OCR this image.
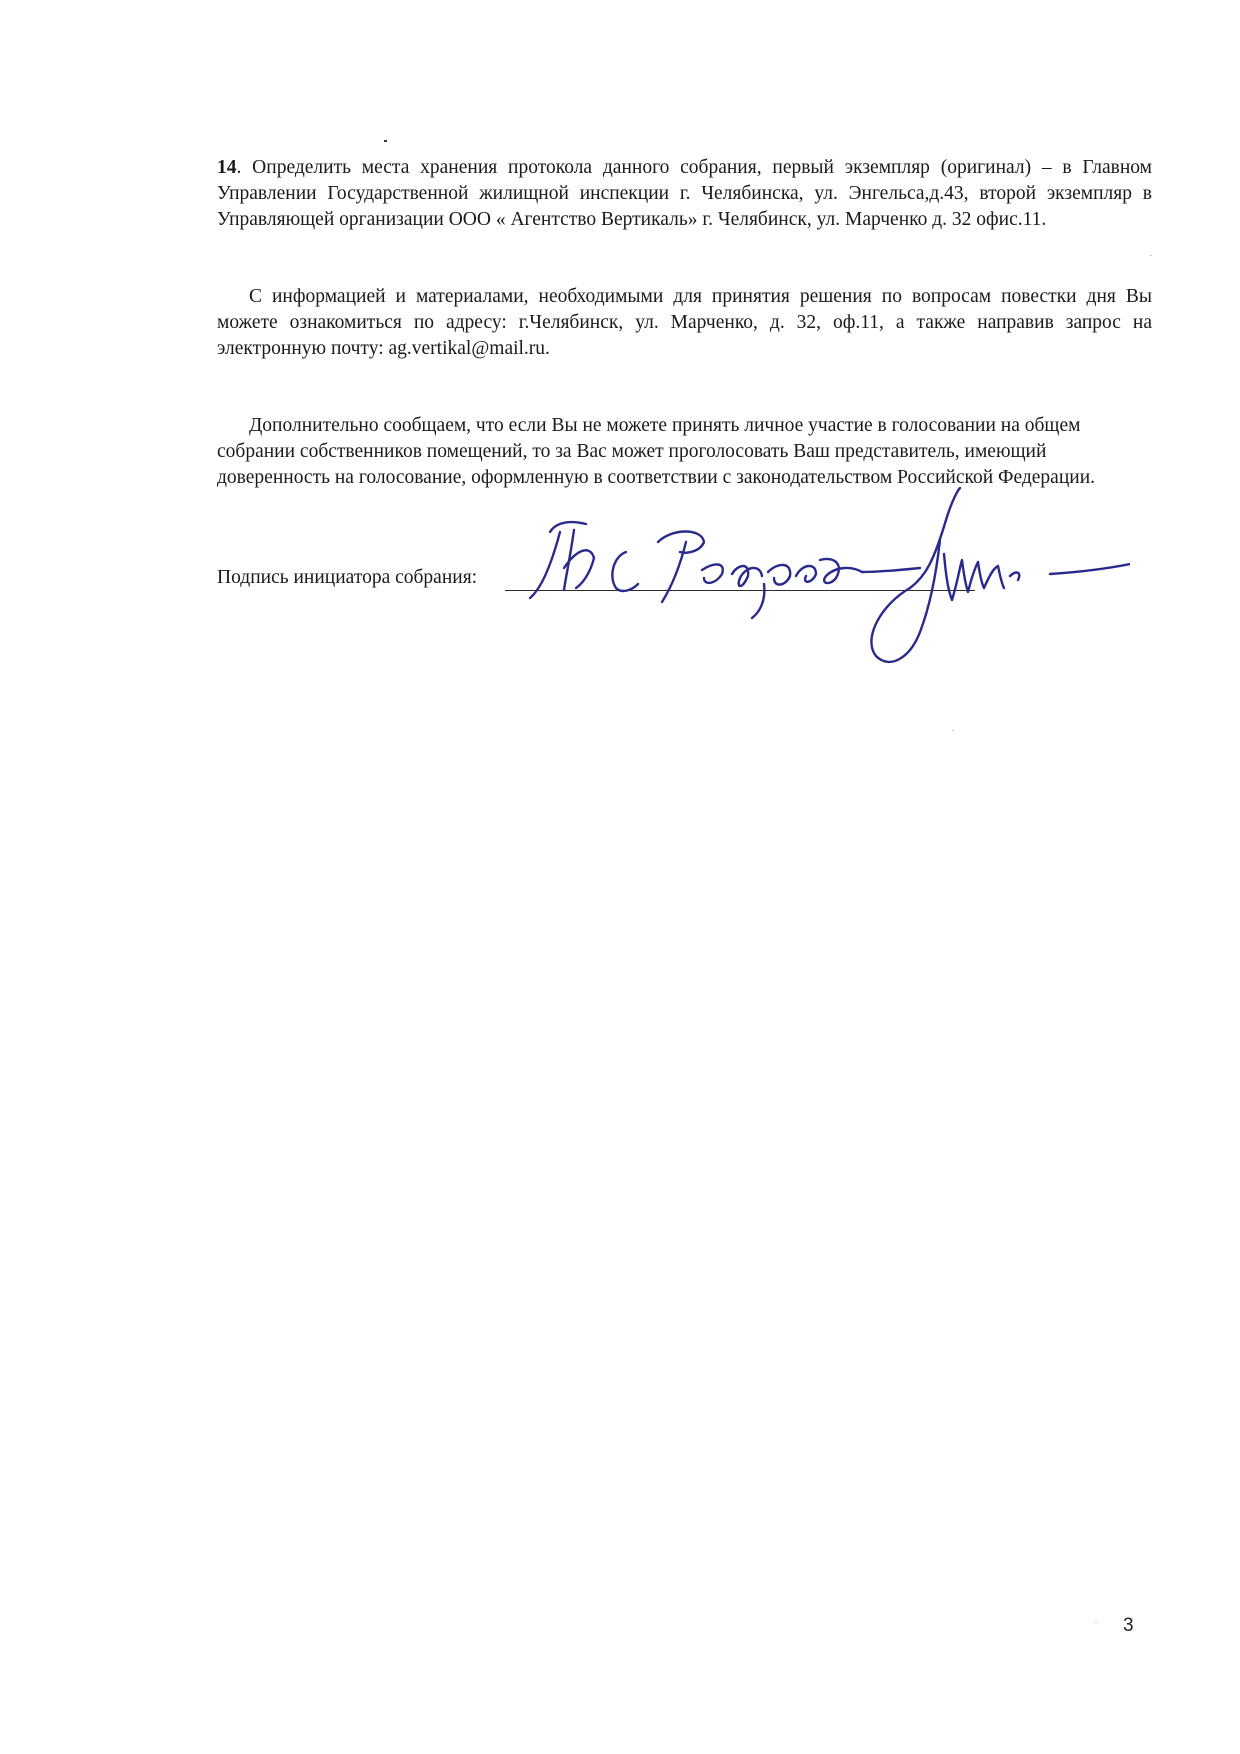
14. Определить места хранения протокола данного собрания, первый экземпляр (оригинал) – в Главном Управлении Государственной жилищной инспекции г. Челябинска, ул. Энгельса,д.43, второй экземпляр в Управляющей организации ООО « Агентство Вертикаль» г. Челябинск, ул. Марченко д. 32 офис.11.

С информацией и материалами, необходимыми для принятия решения по вопросам повестки дня Вы можете ознакомиться по адресу: г.Челябинск, ул. Марченко, д. 32, оф.11, а также направив запрос на электронную почту: ag.vertikal@mail.ru.

Дополнительно сообщаем, что если Вы не можете принять личное участие в голосовании на общем собрании собственников помещений, то за Вас может проголосовать Ваш представитель, имеющий доверенность на голосование, оформленную в соответствии с законодательством Российской Федерации.

Подпись инициатора собрания:
3
